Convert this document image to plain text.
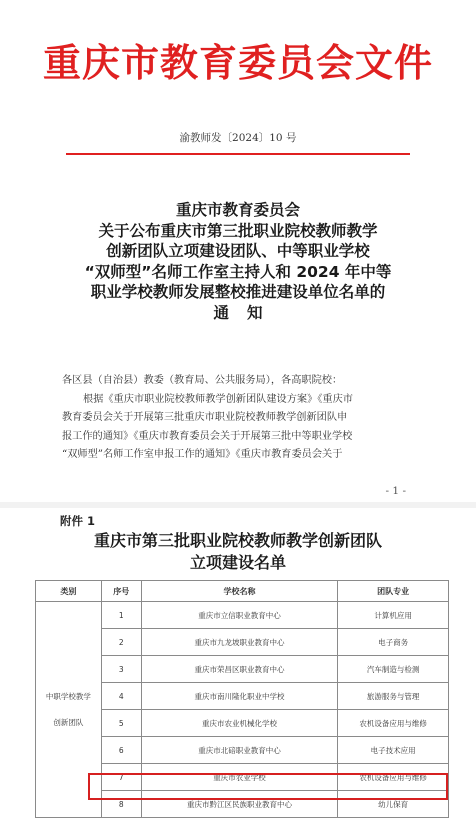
重庆市教育委员会文件
渝教师发〔2024〕10 号
重庆市教育委员会
关于公布重庆市第三批职业院校教师教学
创新团队立项建设团队、中等职业学校
“双师型”名师工作室主持人和 2024 年中等
职业学校教师发展整校推进建设单位名单的
通知
各区县（自治县）教委（教育局、公共服务局），各高职院校：
根据《重庆市职业院校教师教学创新团队建设方案》《重庆市
教育委员会关于开展第三批重庆市职业院校教师教学创新团队申
报工作的通知》《重庆市教育委员会关于开展第三批中等职业学校
“双师型”名师工作室申报工作的通知》《重庆市教育委员会关于
- 1 -
附件 1
重庆市第三批职业院校教师教学创新团队
立项建设名单
类别	序号	学校名称	团队专业
中职学校教学
创新团队	1	重庆市立信职业教育中心	计算机应用
	2	重庆市九龙坡职业教育中心	电子商务
	3	重庆市荣昌区职业教育中心	汽车制造与检测
	4	重庆市南川隆化职业中学校	旅游服务与管理
	5	重庆市农业机械化学校	农机设备应用与维修
	6	重庆市北碚职业教育中心	电子技术应用
	7	重庆市农业学校	农机设备应用与维修
	8	重庆市黔江区民族职业教育中心	幼儿保育
